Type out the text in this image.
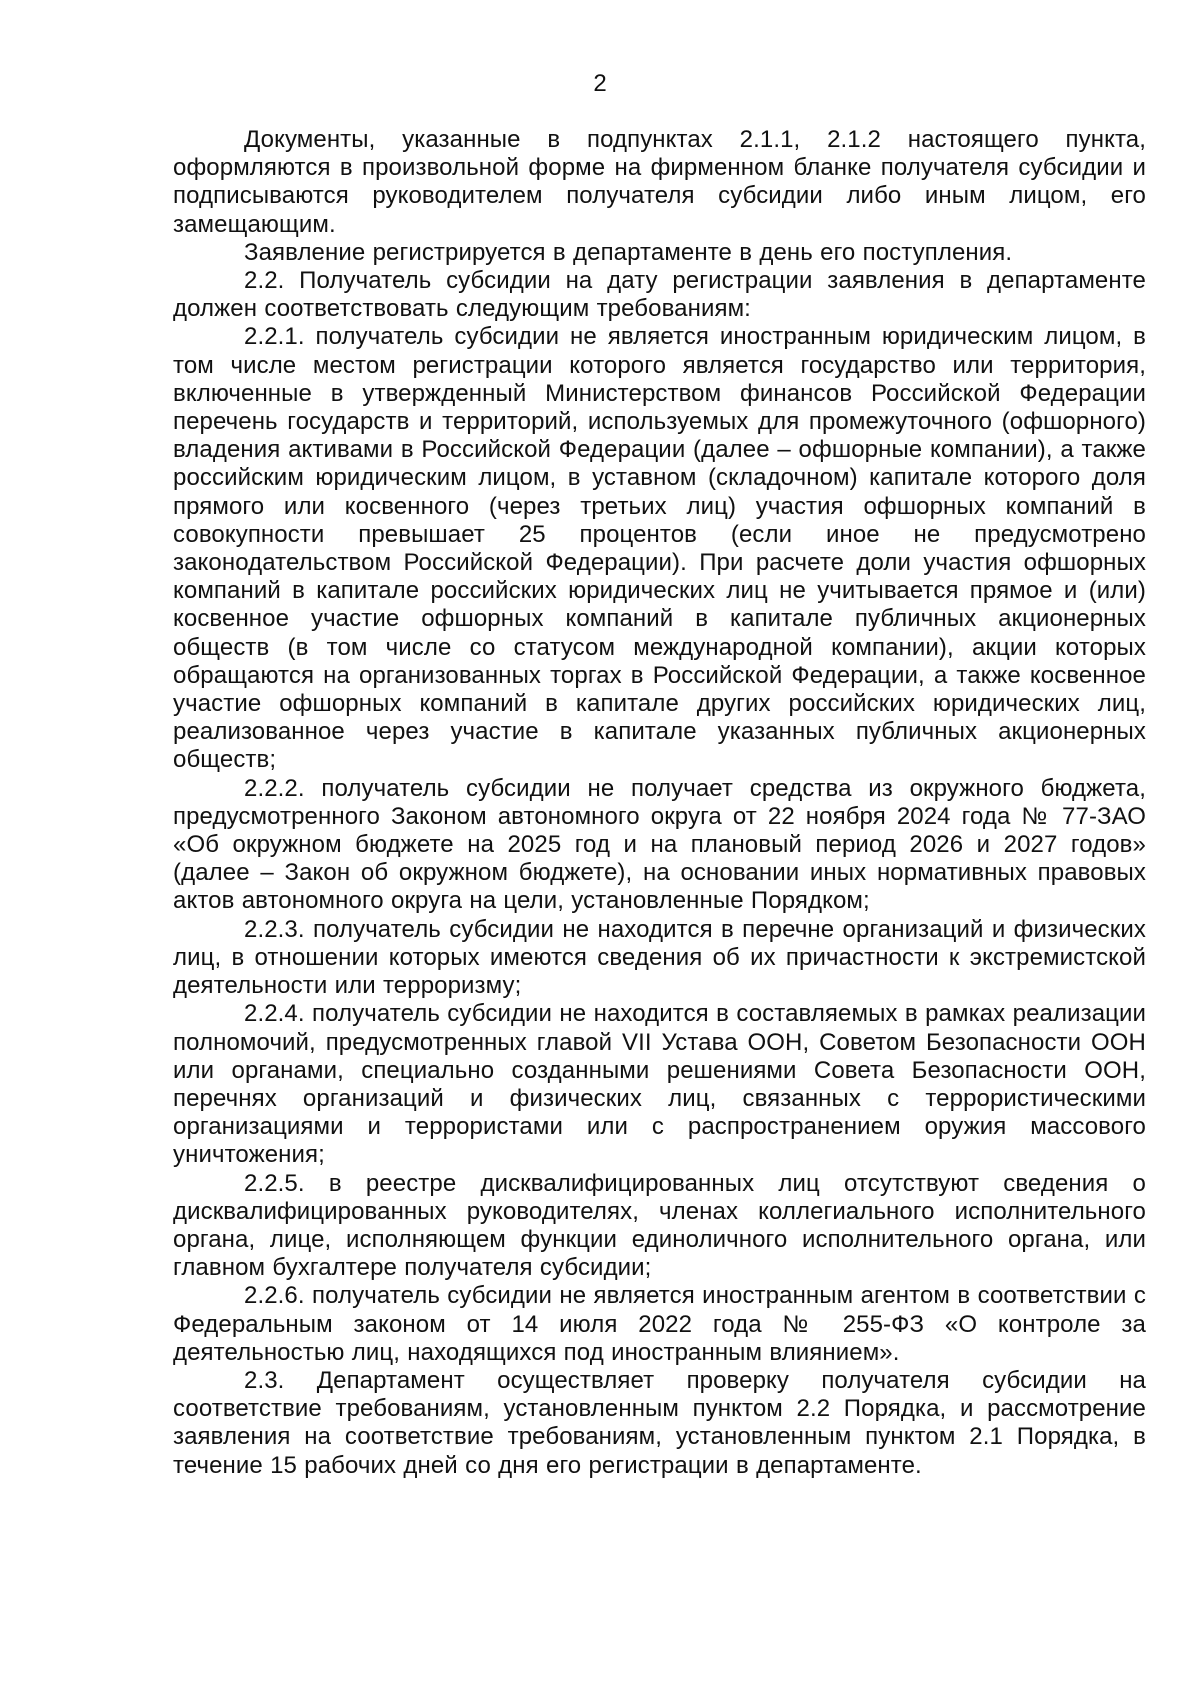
2

Документы, указанные в подпунктах 2.1.1, 2.1.2 настоящего пункта, оформляются в произвольной форме на фирменном бланке получателя субсидии и подписываются руководителем получателя субсидии либо иным лицом, его замещающим.

Заявление регистрируется в департаменте в день его поступления.

2.2. Получатель субсидии на дату регистрации заявления в департаменте должен соответствовать следующим требованиям:

2.2.1. получатель субсидии не является иностранным юридическим лицом, в том числе местом регистрации которого является государство или территория, включенные в утвержденный Министерством финансов Российской Федерации перечень государств и территорий, используемых для промежуточного (офшорного) владения активами в Российской Федерации (далее – офшорные компании), а также российским юридическим лицом, в уставном (складочном) капитале которого доля прямого или косвенного (через третьих лиц) участия офшорных компаний в совокупности превышает 25 процентов (если иное не предусмотрено законодательством Российской Федерации). При расчете доли участия офшорных компаний в капитале российских юридических лиц не учитывается прямое и (или) косвенное участие офшорных компаний в капитале публичных акционерных обществ (в том числе со статусом международной компании), акции которых обращаются на организованных торгах в Российской Федерации, а также косвенное участие офшорных компаний в капитале других российских юридических лиц, реализованное через участие в капитале указанных публичных акционерных обществ;

2.2.2. получатель субсидии не получает средства из окружного бюджета, предусмотренного Законом автономного округа от 22 ноября 2024 года № 77-ЗАО «Об окружном бюджете на 2025 год и на плановый период 2026 и 2027 годов» (далее – Закон об окружном бюджете), на основании иных нормативных правовых актов автономного округа на цели, установленные Порядком;

2.2.3. получатель субсидии не находится в перечне организаций и физических лиц, в отношении которых имеются сведения об их причастности к экстремистской деятельности или терроризму;

2.2.4. получатель субсидии не находится в составляемых в рамках реализации полномочий, предусмотренных главой VII Устава ООН, Советом Безопасности ООН или органами, специально созданными решениями Совета Безопасности ООН, перечнях организаций и физических лиц, связанных с террористическими организациями и террористами или с распространением оружия массового уничтожения;

2.2.5. в реестре дисквалифицированных лиц отсутствуют сведения о дисквалифицированных руководителях, членах коллегиального исполнительного органа, лице, исполняющем функции единоличного исполнительного органа, или главном бухгалтере получателя субсидии;

2.2.6. получатель субсидии не является иностранным агентом в соответствии с Федеральным законом от 14 июля 2022 года № 255-ФЗ «О контроле за деятельностью лиц, находящихся под иностранным влиянием».

2.3. Департамент осуществляет проверку получателя субсидии на соответствие требованиям, установленным пунктом 2.2 Порядка, и рассмотрение заявления на соответствие требованиям, установленным пунктом 2.1 Порядка, в течение 15 рабочих дней со дня его регистрации в департаменте.
